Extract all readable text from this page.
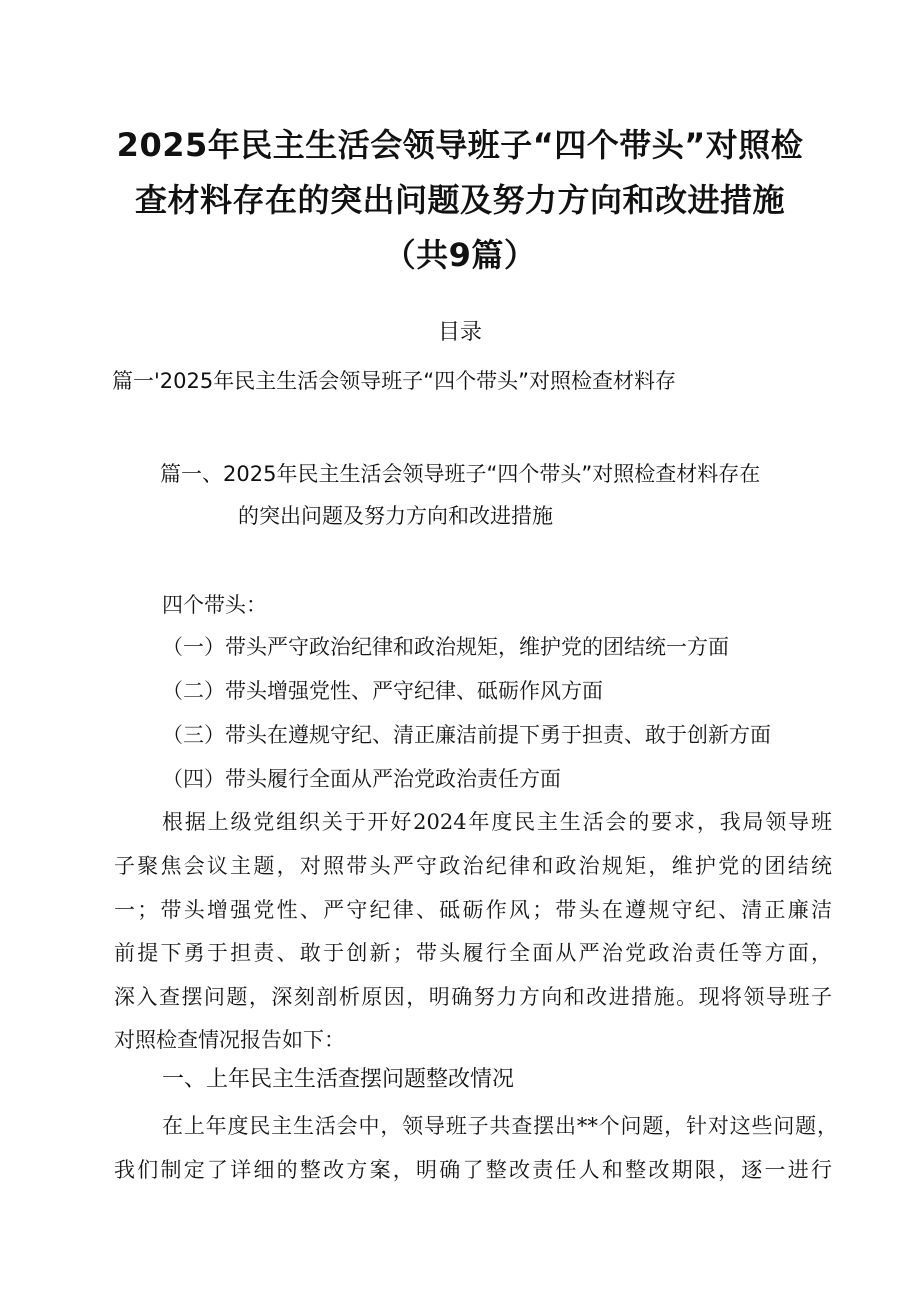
2025年民主生活会领导班子“四个带头”对照检
查材料存在的突出问题及努力方向和改进措施
（共9篇）
目录
篇一'2025年民主生活会领导班子“四个带头”对照检查材料存
篇一、2025年民主生活会领导班子“四个带头”对照检查材料存在
的突出问题及努力方向和改进措施
四个带头：
（一）带头严守政治纪律和政治规矩，维护党的团结统一方面
（二）带头增强党性、严守纪律、砥砺作风方面
（三）带头在遵规守纪、清正廉洁前提下勇于担责、敢于创新方面
（四）带头履行全面从严治党政治责任方面
根据上级党组织关于开好2024年度民主生活会的要求，我局领导班
子聚焦会议主题，对照带头严守政治纪律和政治规矩，维护党的团结统
一；带头增强党性、严守纪律、砥砺作风；带头在遵规守纪、清正廉洁
前提下勇于担责、敢于创新；带头履行全面从严治党政治责任等方面，
深入查摆问题，深刻剖析原因，明确努力方向和改进措施。现将领导班子
对照检查情况报告如下：
一、上年民主生活查摆问题整改情况
在上年度民主生活会中，领导班子共查摆出**个问题，针对这些问题，
我们制定了详细的整改方案，明确了整改责任人和整改期限，逐一进行
